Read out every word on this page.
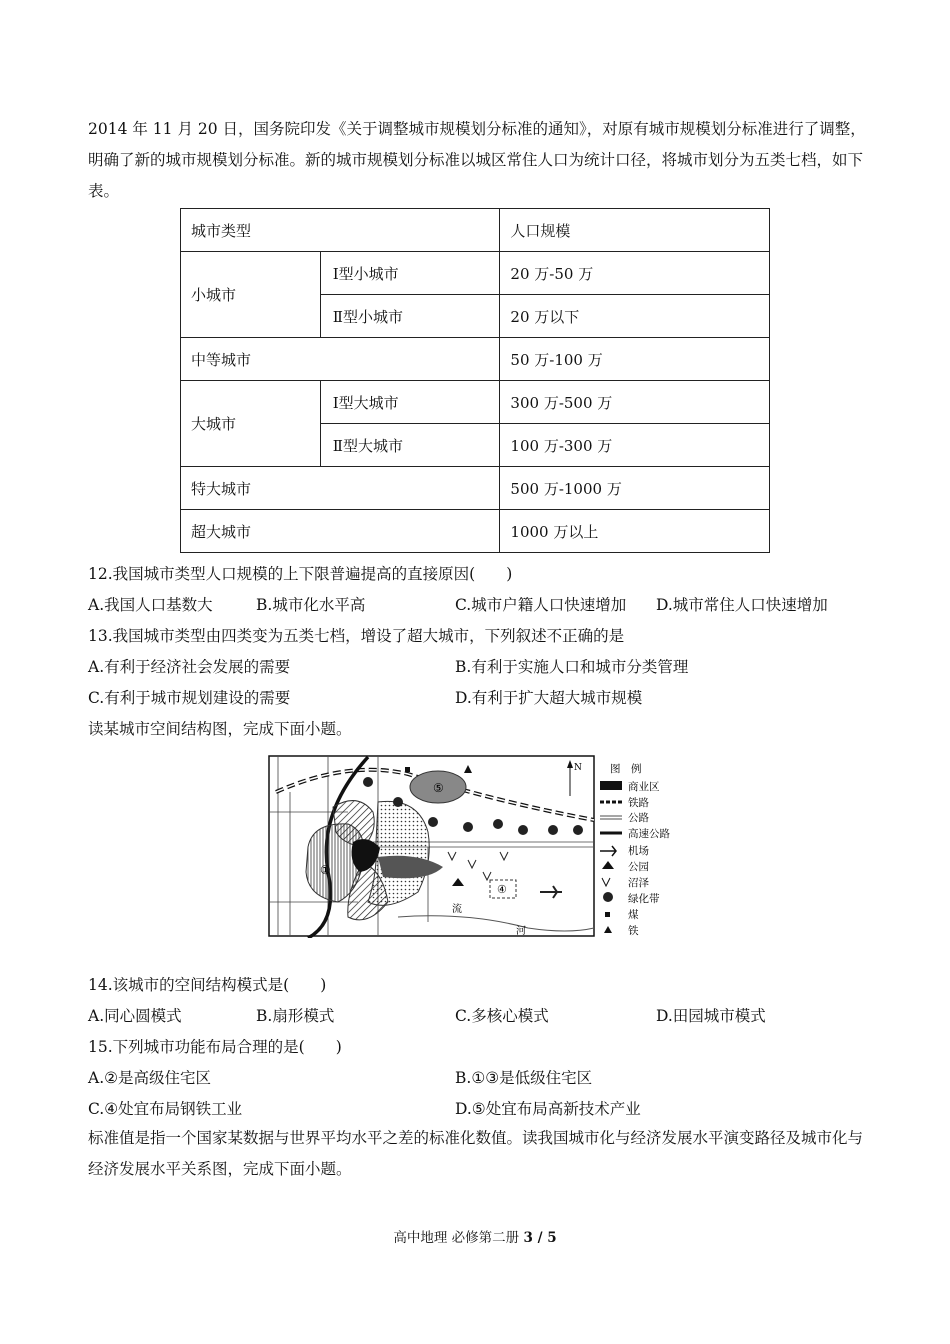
2014 年 11 月 20 日，国务院印发《关于调整城市规模划分标准的通知》，对原有城市规模划分标准进行了调整，明确了新的城市规模划分标准。新的城市规模划分标准以城区常住人口为统计口径，将城市划分为五类七档，如下表。
城市类型		人口规模
小城市	Ⅰ型小城市	20 万-50 万
	Ⅱ型小城市	20 万以下
中等城市		50 万-100 万
大城市	Ⅰ型大城市	300 万-500 万
	Ⅱ型大城市	100 万-300 万
特大城市		500 万-1000 万
超大城市		1000 万以上
12.我国城市类型人口规模的上下限普遍提高的直接原因(　　)
A.我国人口基数大	B.城市化水平高	C.城市户籍人口快速增加 D.城市常住人口快速增加
13.我国城市类型由四类变为五类七档，增设了超大城市，下列叙述不正确的是
A.有利于经济社会发展的需要	B.有利于实施人口和城市分类管理
C.有利于城市规划建设的需要	D.有利于扩大超大城市规模
读某城市空间结构图，完成下面小题。
①
⑤
④
流
河
N	图　例
商业区
铁路
公路
高速公路
机场
公园
沼泽
绿化带
煤
铁
14.该城市的空间结构模式是(　　)
A.同心圆模式	B.扇形模式	C.多核心模式	D.田园城市模式
15.下列城市功能布局合理的是(　　)
A.②是高级住宅区	B.①③是低级住宅区
C.④处宜布局钢铁工业	D.⑤处宜布局高新技术产业
标准值是指一个国家某数据与世界平均水平之差的标准化数值。读我国城市化与经济发展水平演变路径及城市化与经济发展水平关系图，完成下面小题。
高中地理 必修第二册 3 / 5
